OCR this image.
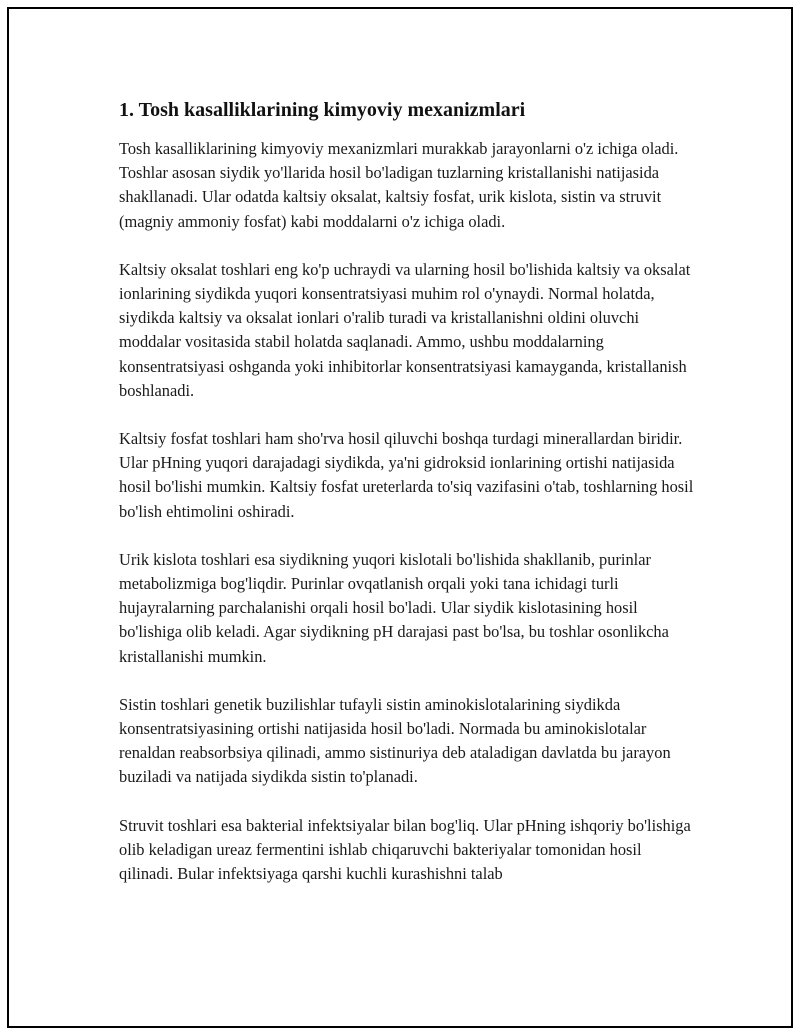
1. Tosh kasalliklarining kimyoviy mexanizmlari

Tosh kasalliklarining kimyoviy mexanizmlari murakkab jarayonlarni o'z ichiga oladi. Toshlar asosan siydik yo'llarida hosil bo'ladigan tuzlarning kristallanishi natijasida shakllanadi. Ular odatda kaltsiy oksalat, kaltsiy fosfat, urik kislota, sistin va struvit (magniy ammoniy fosfat) kabi moddalarni o'z ichiga oladi.

Kaltsiy oksalat toshlari eng ko'p uchraydi va ularning hosil bo'lishida kaltsiy va oksalat ionlarining siydikda yuqori konsentratsiyasi muhim rol o'ynaydi. Normal holatda, siydikda kaltsiy va oksalat ionlari o'ralib turadi va kristallanishni oldini oluvchi moddalar vositasida stabil holatda saqlanadi. Ammo, ushbu moddalarning konsentratsiyasi oshganda yoki inhibitorlar konsentratsiyasi kamayganda, kristallanish boshlanadi.

Kaltsiy fosfat toshlari ham sho'rva hosil qiluvchi boshqa turdagi minerallardan biridir. Ular pHning yuqori darajadagi siydikda, ya'ni gidroksid ionlarining ortishi natijasida hosil bo'lishi mumkin. Kaltsiy fosfat ureterlarda to'siq vazifasini o'tab, toshlarning hosil bo'lish ehtimolini oshiradi.

Urik kislota toshlari esa siydikning yuqori kislotali bo'lishida shakllanib, purinlar metabolizmiga bog'liqdir. Purinlar ovqatlanish orqali yoki tana ichidagi turli hujayralarning parchalanishi orqali hosil bo'ladi. Ular siydik kislotasining hosil bo'lishiga olib keladi. Agar siydikning pH darajasi past bo'lsa, bu toshlar osonlikcha kristallanishi mumkin.

Sistin toshlari genetik buzilishlar tufayli sistin aminokislotalarining siydikda konsentratsiyasining ortishi natijasida hosil bo'ladi. Normada bu aminokislotalar renaldan reabsorbsiya qilinadi, ammo sistinuriya deb ataladigan davlatda bu jarayon buziladi va natijada siydikda sistin to'planadi.

Struvit toshlari esa bakterial infektsiyalar bilan bog'liq. Ular pHning ishqoriy bo'lishiga olib keladigan ureaz fermentini ishlab chiqaruvchi bakteriyalar tomonidan hosil qilinadi. Bular infektsiyaga qarshi kuchli kurashishni talab
